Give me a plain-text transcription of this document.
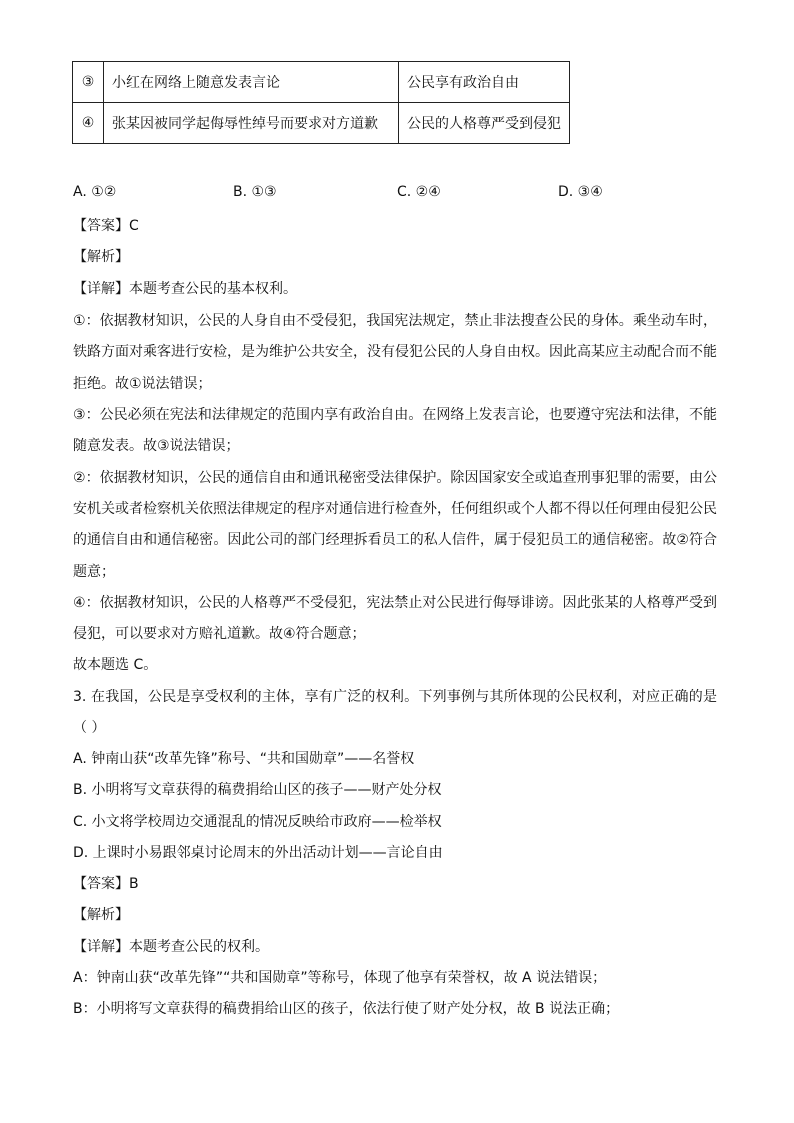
③	小红在网络上随意发表言论	公民享有政治自由
④	张某因被同学起侮辱性绰号而要求对方道歉	公民的人格尊严受到侵犯
A. ①②	B. ①③	C. ②④	D. ③④
【答案】C
【解析】
【详解】本题考查公民的基本权利。
①：依据教材知识，公民的人身自由不受侵犯，我国宪法规定，禁止非法搜查公民的身体。乘坐动车时，
铁路方面对乘客进行安检，是为维护公共安全，没有侵犯公民的人身自由权。因此高某应主动配合而不能
拒绝。故①说法错误；
③：公民必须在宪法和法律规定的范围内享有政治自由。在网络上发表言论，也要遵守宪法和法律，不能
随意发表。故③说法错误；
②：依据教材知识，公民的通信自由和通讯秘密受法律保护。除因国家安全或追查刑事犯罪的需要，由公
安机关或者检察机关依照法律规定的程序对通信进行检查外，任何组织或个人都不得以任何理由侵犯公民
的通信自由和通信秘密。因此公司的部门经理拆看员工的私人信件，属于侵犯员工的通信秘密。故②符合
题意；
④：依据教材知识，公民的人格尊严不受侵犯，宪法禁止对公民进行侮辱诽谤。因此张某的人格尊严受到
侵犯，可以要求对方赔礼道歉。故④符合题意；
故本题选 C。
3. 在我国，公民是享受权利的主体，享有广泛的权利。下列事例与其所体现的公民权利，对应正确的是
（ ）
A. 钟南山获“改革先锋”称号、“共和国勋章”——名誉权
B. 小明将写文章获得的稿费捐给山区的孩子——财产处分权
C. 小文将学校周边交通混乱的情况反映给市政府——检举权
D. 上课时小易跟邻桌讨论周末的外出活动计划——言论自由
【答案】B
【解析】
【详解】本题考查公民的权利。
A：钟南山获“改革先锋”“共和国勋章”等称号，体现了他享有荣誉权，故 A 说法错误；
B：小明将写文章获得的稿费捐给山区的孩子，依法行使了财产处分权，故 B 说法正确；
